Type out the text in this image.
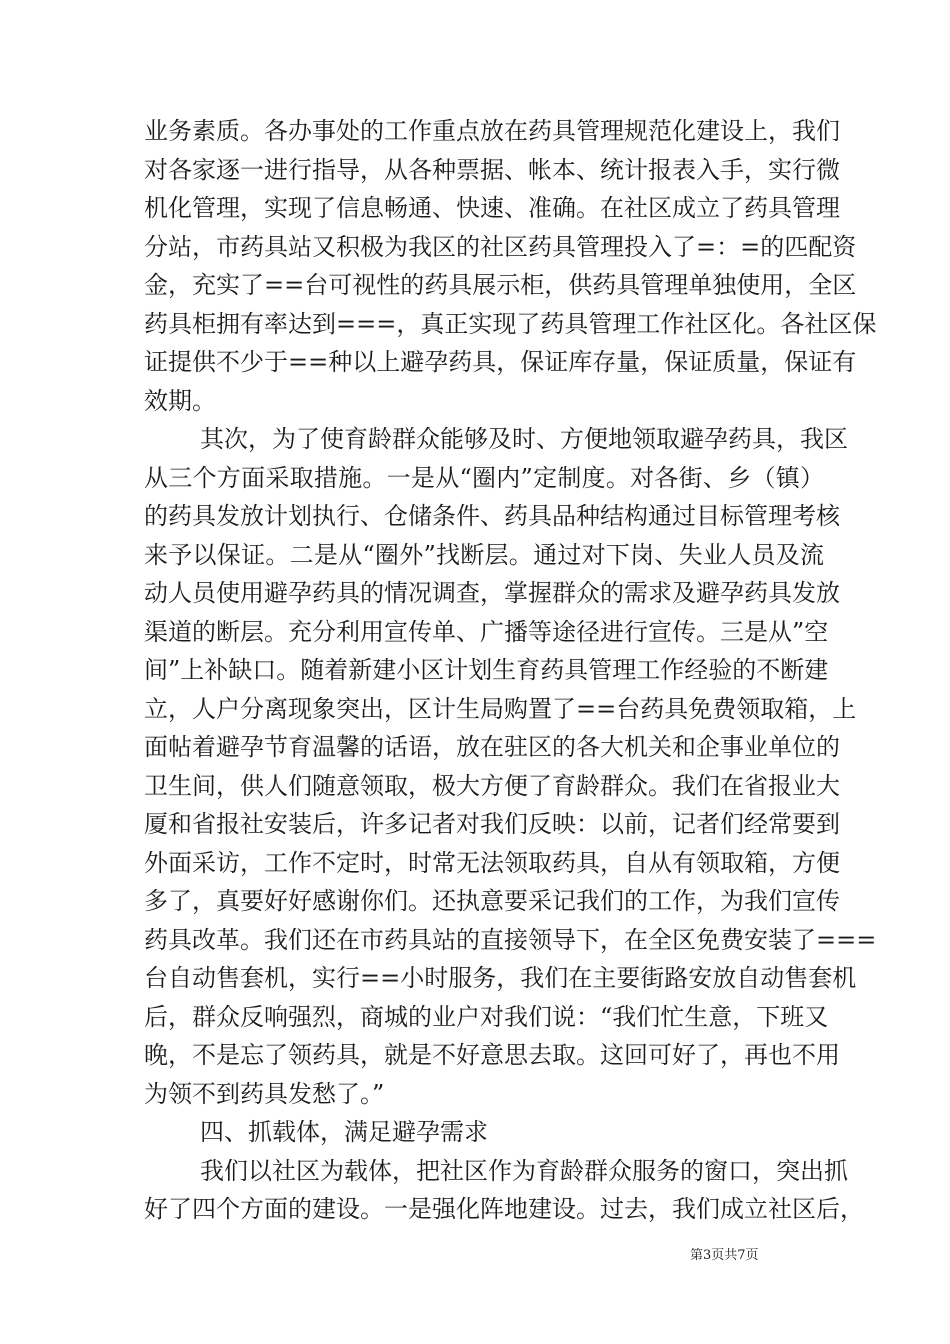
业务素质。各办事处的工作重点放在药具管理规范化建设上，我们
对各家逐一进行指导，从各种票据、帐本、统计报表入手，实行微
机化管理，实现了信息畅通、快速、准确。在社区成立了药具管理
分站，市药具站又积极为我区的社区药具管理投入了=：=的匹配资
金，充实了==台可视性的药具展示柜，供药具管理单独使用，全区
药具柜拥有率达到===，真正实现了药具管理工作社区化。各社区保
证提供不少于==种以上避孕药具，保证库存量，保证质量，保证有
效期。
其次，为了使育龄群众能够及时、方便地领取避孕药具，我区
从三个方面采取措施。一是从“圈内”定制度。对各街、乡（镇）
的药具发放计划执行、仓储条件、药具品种结构通过目标管理考核
来予以保证。二是从“圈外”找断层。通过对下岗、失业人员及流
动人员使用避孕药具的情况调查，掌握群众的需求及避孕药具发放
渠道的断层。充分利用宣传单、广播等途径进行宣传。三是从”空
间”上补缺口。随着新建小区计划生育药具管理工作经验的不断建
立，人户分离现象突出，区计生局购置了==台药具免费领取箱，上
面帖着避孕节育温馨的话语，放在驻区的各大机关和企事业单位的
卫生间，供人们随意领取，极大方便了育龄群众。我们在省报业大
厦和省报社安装后，许多记者对我们反映：以前，记者们经常要到
外面采访，工作不定时，时常无法领取药具，自从有领取箱，方便
多了，真要好好感谢你们。还执意要采记我们的工作，为我们宣传
药具改革。我们还在市药具站的直接领导下，在全区免费安装了===
台自动售套机，实行==小时服务，我们在主要街路安放自动售套机
后，群众反响强烈，商城的业户对我们说：“我们忙生意，下班又
晚，不是忘了领药具，就是不好意思去取。这回可好了，再也不用
为领不到药具发愁了。”
四、抓载体，满足避孕需求
我们以社区为载体，把社区作为育龄群众服务的窗口，突出抓
好了四个方面的建设。一是强化阵地建设。过去，我们成立社区后，
第3页共7页
